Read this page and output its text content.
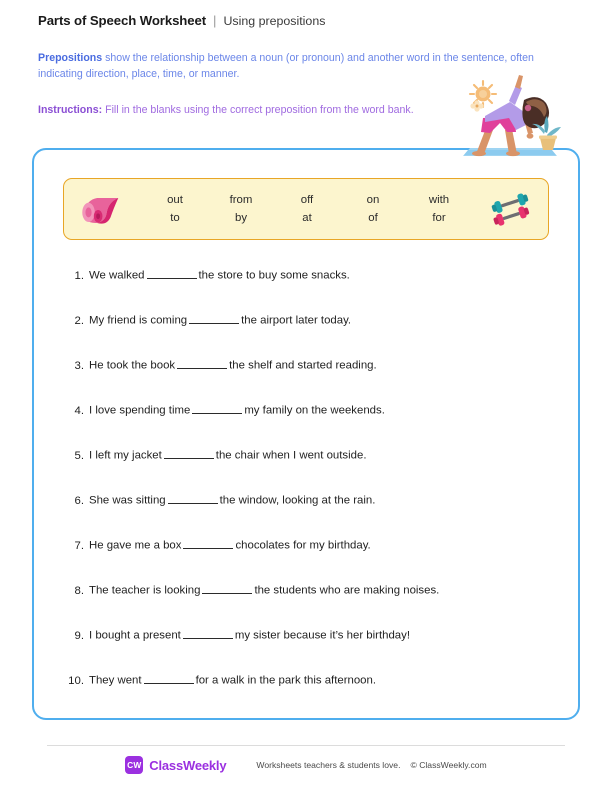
Parts of Speech Worksheet | Using prepositions
Prepositions show the relationship between a noun (or pronoun) and another word in the sentence, often indicating direction, place, time, or manner.
Instructions: Fill in the blanks using the correct preposition from the word bank.
out
to
from
by
off
at
on
of
with
for
1. We walked	the store to buy some snacks.
2. My friend is coming	the airport later today.
3. He took the book	the shelf and started reading.
4. I love spending time	my family on the weekends.
5. I left my jacket	the chair when I went outside.
6. She was sitting	the window, looking at the rain.
7. He gave me a box	chocolates for my birthday.
8. The teacher is looking	the students who are making noises.
9. I bought a present	my sister because it’s her birthday!
10. They went	for a walk in the park this afternoon.
CW ClassWeekly	Worksheets teachers & students love. © ClassWeekly.com
